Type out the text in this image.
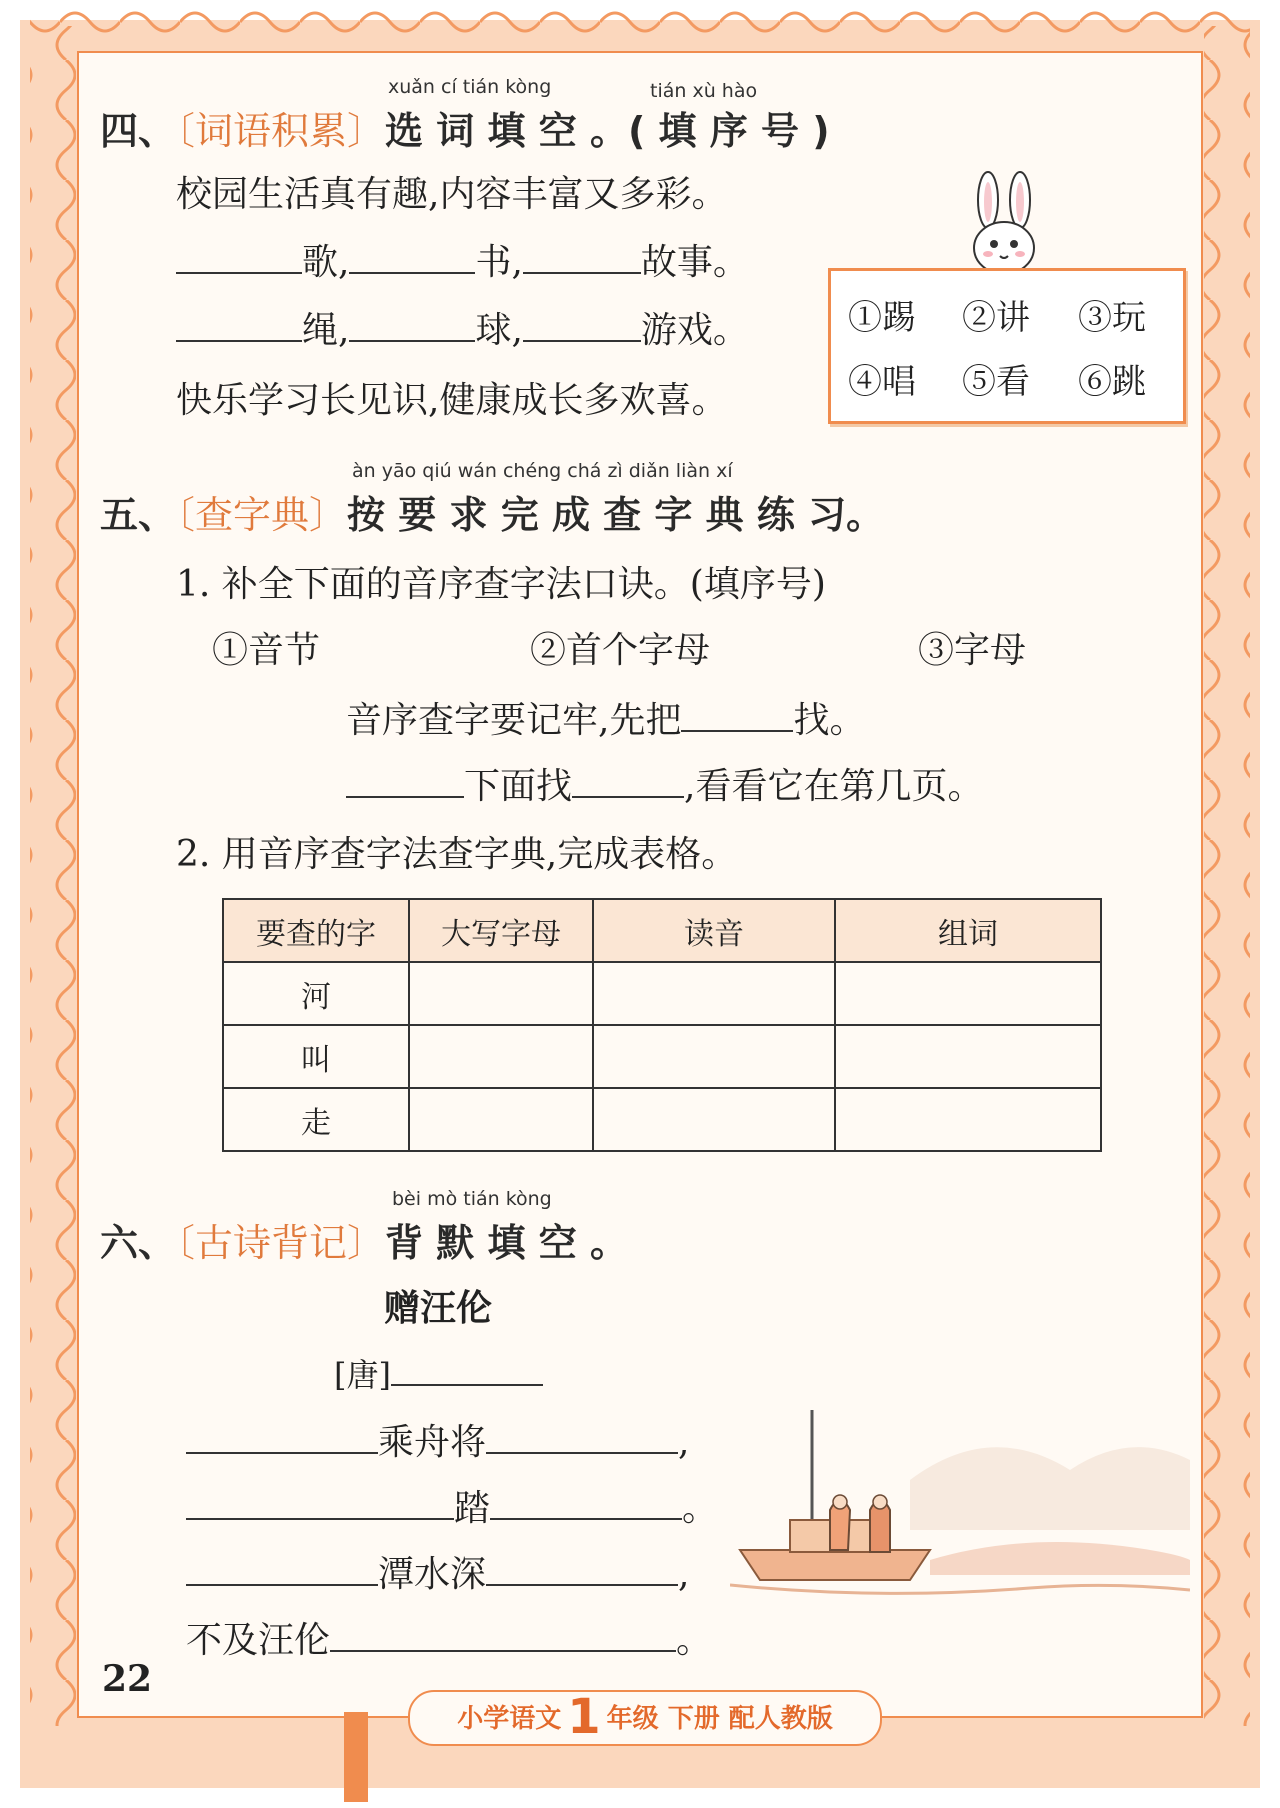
xuǎn cí tián kòng	tián xù hào
四、〔词语积累〕选 词 填 空 。( 填 序 号 )
校园生活真有趣,内容丰富又多彩。
歌,	书,	故事。
绳,	球,	游戏。
快乐学习长见识,健康成长多欢喜。
①踢 ②讲 ③玩
④唱 ⑤看 ⑥跳
àn yāo qiú wán chéng chá zì diǎn liàn xí
五、〔查字典〕按 要 求 完 成 查 字 典 练 习。
1. 补全下面的音序查字法口诀。(填序号)
①音节	②首个字母	③字母
音序查字要记牢,先把	找。
下面找	,看看它在第几页。
2. 用音序查字法查字典,完成表格。
要查的字	大写字母	读音	组词
河			
叫			
走			
bèi mò tián kòng
六、〔古诗背记〕背 默 填 空 。
赠汪伦
[唐]
乘舟将	,
踏	。
潭水深	,
不及汪伦	。
22
小学语文 1 年级 下册 配人教版
